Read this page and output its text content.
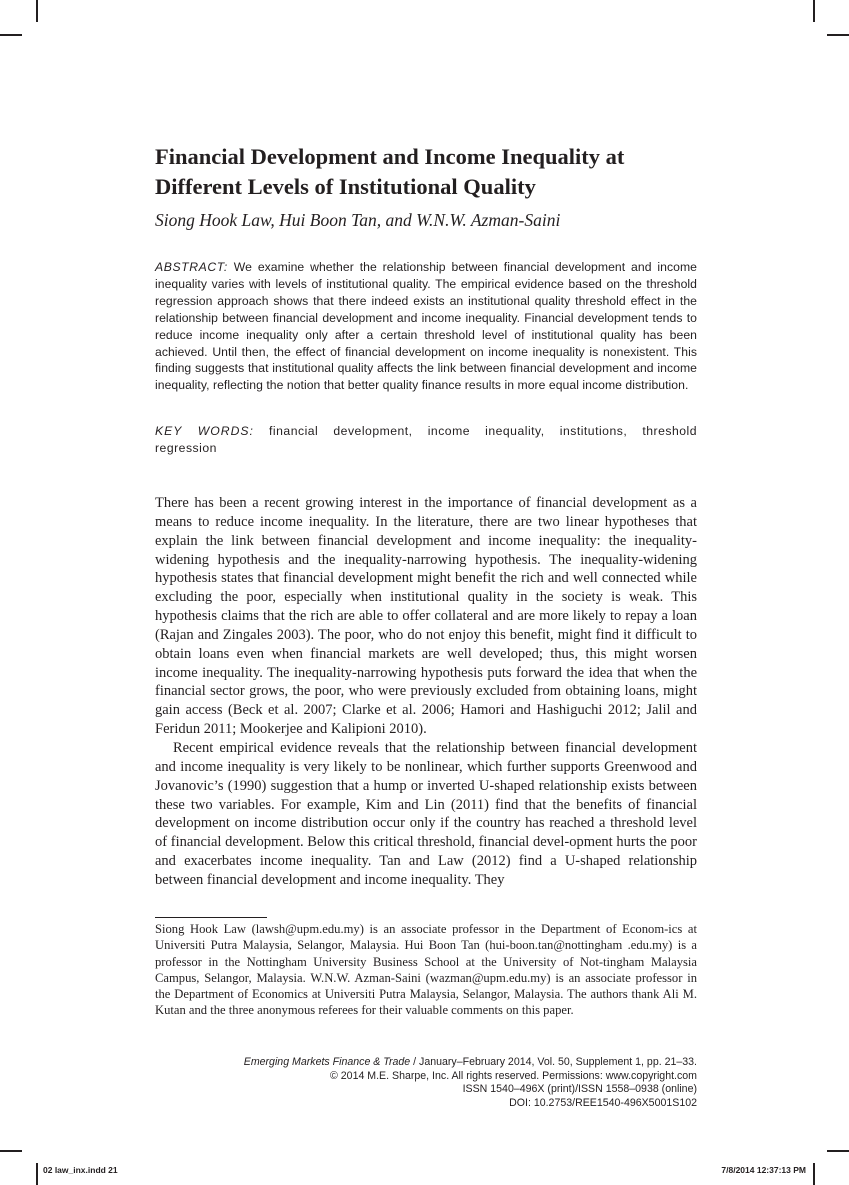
Financial Development and Income Inequality at
Different Levels of Institutional Quality
Siong Hook Law, Hui Boon Tan, and W.N.W. Azman-Saini

ABSTRACT: We examine whether the relationship between financial development and income inequality varies with levels of institutional quality. The empirical evidence based on the threshold regression approach shows that there indeed exists an institutional quality threshold effect in the relationship between financial development and income inequality. Financial development tends to reduce income inequality only after a certain threshold level of institutional quality has been achieved. Until then, the effect of financial development on income inequality is nonexistent. This finding suggests that institutional quality affects the link between financial development and income inequality, reflecting the notion that better quality finance results in more equal income distribution.

KEY WORDS: financial development, income inequality, institutions, threshold regression

There has been a recent growing interest in the importance of financial development as a means to reduce income inequality. In the literature, there are two linear hypotheses that explain the link between financial development and income inequality: the inequality-widening hypothesis and the inequality-narrowing hypothesis. The inequality-widening hypothesis states that financial development might benefit the rich and well connected while excluding the poor, especially when institutional quality in the society is weak. This hypothesis claims that the rich are able to offer collateral and are more likely to repay a loan (Rajan and Zingales 2003). The poor, who do not enjoy this benefit, might find it difficult to obtain loans even when financial markets are well developed; thus, this might worsen income inequality. The inequality-narrowing hypothesis puts forward the idea that when the financial sector grows, the poor, who were previously excluded from obtaining loans, might gain access (Beck et al. 2007; Clarke et al. 2006; Hamori and Hashiguchi 2012; Jalil and Feridun 2011; Mookerjee and Kalipioni 2010).

Recent empirical evidence reveals that the relationship between financial development and income inequality is very likely to be nonlinear, which further supports Greenwood and Jovanovic’s (1990) suggestion that a hump or inverted U-shaped relationship exists between these two variables. For example, Kim and Lin (2011) find that the benefits of financial development on income distribution occur only if the country has reached a threshold level of financial development. Below this critical threshold, financial devel-opment hurts the poor and exacerbates income inequality. Tan and Law (2012) find a U-shaped relationship between financial development and income inequality. They

Siong Hook Law (lawsh@upm.edu.my) is an associate professor in the Department of Econom-ics at Universiti Putra Malaysia, Selangor, Malaysia. Hui Boon Tan (hui-boon.tan@nottingham .edu.my) is a professor in the Nottingham University Business School at the University of Not-tingham Malaysia Campus, Selangor, Malaysia. W.N.W. Azman-Saini (wazman@upm.edu.my) is an associate professor in the Department of Economics at Universiti Putra Malaysia, Selangor, Malaysia. The authors thank Ali M. Kutan and the three anonymous referees for their valuable comments on this paper.

Emerging Markets Finance & Trade / January–February 2014, Vol. 50, Supplement 1, pp. 21–33.
© 2014 M.E. Sharpe, Inc. All rights reserved. Permissions: www.copyright.com
ISSN 1540–496X (print)/ISSN 1558–0938 (online)
DOI: 10.2753/REE1540-496X5001S102
02 law_inx.indd 21	7/8/2014 12:37:13 PM
